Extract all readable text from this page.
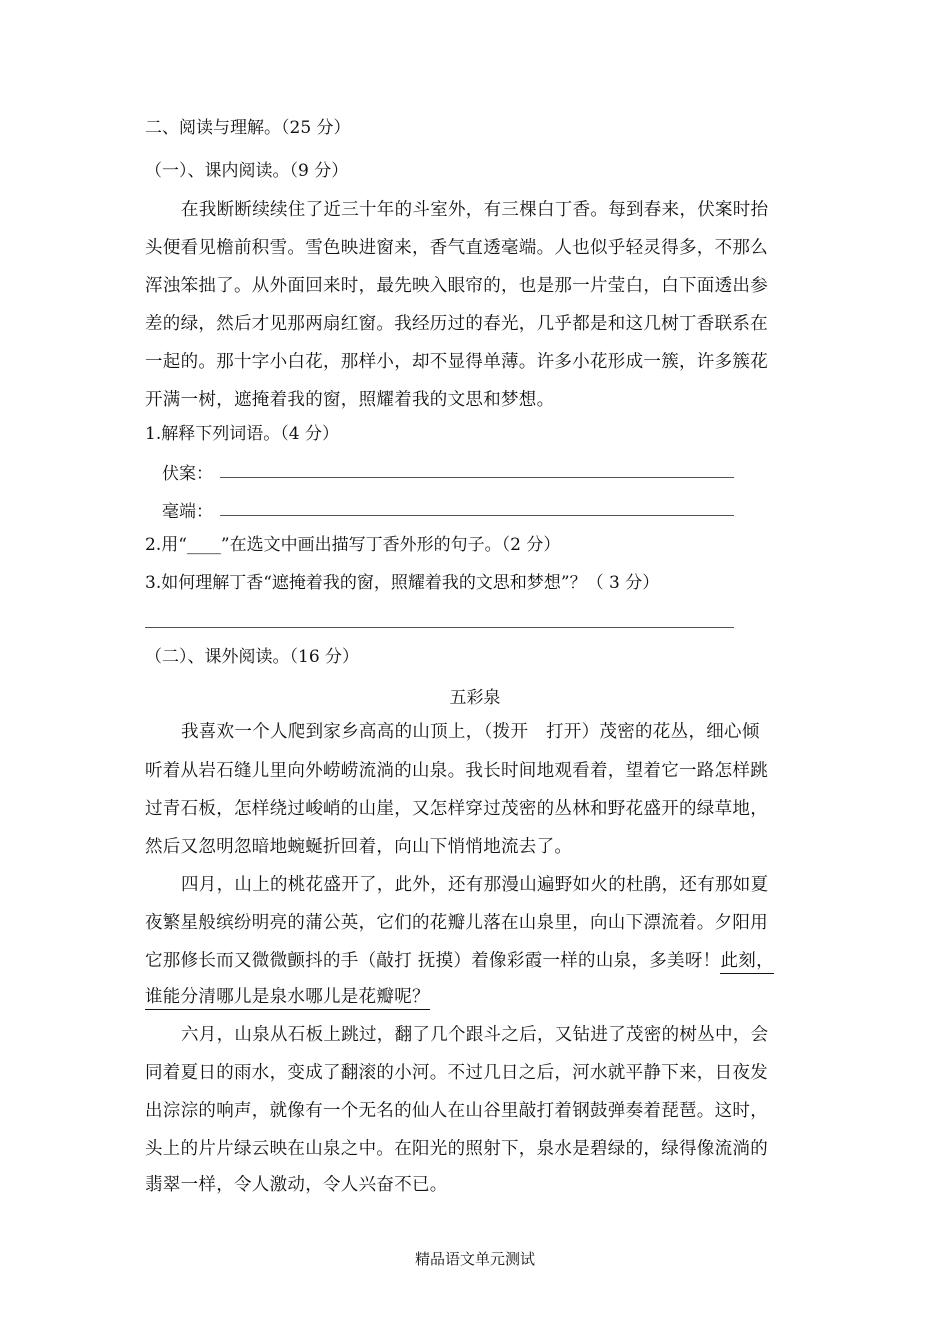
二、阅读与理解。（25 分）
（一）、课内阅读。（9 分）
在我断断续续住了近三十年的斗室外，有三棵白丁香。每到春来，伏案时抬
头便看见檐前积雪。雪色映进窗来，香气直透毫端。人也似乎轻灵得多，不那么
浑浊笨拙了。从外面回来时，最先映入眼帘的，也是那一片莹白，白下面透出参
差的绿，然后才见那两扇红窗。我经历过的春光，几乎都是和这几树丁香联系在
一起的。那十字小白花，那样小，却不显得单薄。许多小花形成一簇，许多簇花
开满一树，遮掩着我的窗，照耀着我的文思和梦想。
1.解释下列词语。（4 分）
伏案：
毫端：
2.用“____”在选文中画出描写丁香外形的句子。（2 分）
3.如何理解丁香“遮掩着我的窗，照耀着我的文思和梦想”？（ 3 分）
（二）、课外阅读。（16 分）
五彩泉
我喜欢一个人爬到家乡高高的山顶上，（拨开　打开）茂密的花丛，细心倾
听着从岩石缝儿里向外崂崂流淌的山泉。我长时间地观看着，望着它一路怎样跳
过青石板，怎样绕过峻峭的山崖，又怎样穿过茂密的丛林和野花盛开的绿草地，
然后又忽明忽暗地蜿蜒折回着，向山下悄悄地流去了。
四月，山上的桃花盛开了，此外，还有那漫山遍野如火的杜鹃，还有那如夏
夜繁星般缤纷明亮的蒲公英，它们的花瓣儿落在山泉里，向山下漂流着。夕阳用
它那修长而又微微颤抖的手（敲打 抚摸）着像彩霞一样的山泉，多美呀！此刻，
谁能分清哪儿是泉水哪儿是花瓣呢？
六月，山泉从石板上跳过，翻了几个跟斗之后，又钻进了茂密的树丛中，会
同着夏日的雨水，变成了翻滚的小河。不过几日之后，河水就平静下来，日夜发
出淙淙的响声，就像有一个无名的仙人在山谷里敲打着钢鼓弹奏着琵琶。这时，
头上的片片绿云映在山泉之中。在阳光的照射下，泉水是碧绿的，绿得像流淌的
翡翠一样，令人激动，令人兴奋不已。
精品语文单元测试
